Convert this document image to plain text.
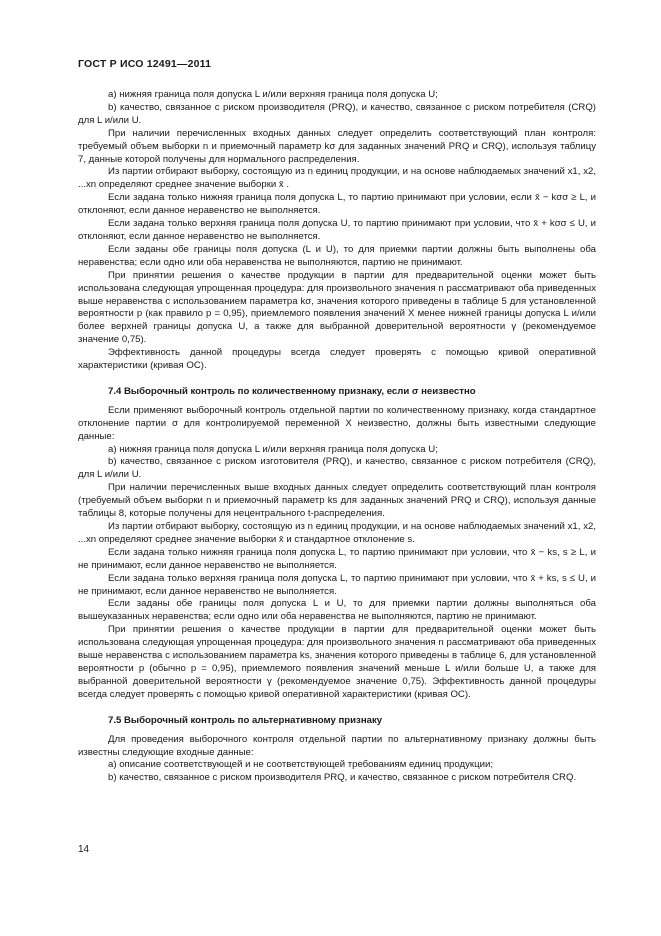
ГОСТ Р ИСО 12491—2011

a) нижняя граница поля допуска L и/или верхняя граница поля допуска U;

b) качество, связанное с риском производителя (PRQ), и качество, связанное с риском потребителя (CRQ) для L и/или U.

При наличии перечисленных входных данных следует определить соответствующий план контроля: требуемый объем выборки n и приемочный параметр kσ для заданных значений PRQ и CRQ), используя таблицу 7, данные которой получены для нормального распределения.

Из партии отбирают выборку, состоящую из n единиц продукции, и на основе наблюдаемых значений x1, x2, ...xn определяют среднее значение выборки x̄ .

Если задана только нижняя граница поля допуска L, то партию принимают при условии, если x̄ − kσσ ≥ L, и отклоняют, если данное неравенство не выполняется.

Если задана только верхняя граница поля допуска U, то партию принимают при условии, что x̄ + kσσ ≤ U, и отклоняют, если данное неравенство не выполняется.

Если заданы обе границы поля допуска (L и U), то для приемки партии должны быть выполнены оба неравенства; если одно или оба неравенства не выполняются, партию не принимают.

При принятии решения о качестве продукции в партии для предварительной оценки может быть использована следующая упрощенная процедура: для произвольного значения n рассматривают оба приведенных выше неравенства с использованием параметра kσ, значения которого приведены в таблице 5 для установленной вероятности p (как правило p = 0,95), приемлемого появления значений X менее нижней границы допуска L и/или более верхней границы допуска U, а также для выбранной доверительной вероятности γ (рекомендуемое значение 0,75).

Эффективность данной процедуры всегда следует проверять с помощью кривой оперативной характеристики (кривая OC).

7.4 Выборочный контроль по количественному признаку, если σ неизвестно

Если применяют выборочный контроль отдельной партии по количественному признаку, когда стандартное отклонение партии σ для контролируемой переменной X неизвестно, должны быть известными следующие данные:

a) нижняя граница поля допуска L и/или верхняя граница поля допуска U;

b) качество, связанное с риском изготовителя (PRQ), и качество, связанное с риском потребителя (CRQ), для L и/или U.

При наличии перечисленных выше входных данных следует определить соответствующий план контроля (требуемый объем выборки n и приемочный параметр ks для заданных значений PRQ и CRQ), используя данные таблицы 8, которые получены для нецентрального t-распределения.

Из партии отбирают выборку, состоящую из n единиц продукции, и на основе наблюдаемых значений x1, x2, ...xn определяют среднее значение выборки x̄ и стандартное отклонение s.

Если задана только нижняя граница поля допуска L, то партию принимают при условии, что x̄ − ks, s ≥ L, и не принимают, если данное неравенство не выполняется.

Если задана только верхняя граница поля допуска L, то партию принимают при условии, что x̄ + ks, s ≤ U, и не принимают, если данное неравенство не выполняется.

Если заданы обе границы поля допуска L и U, то для приемки партии должны выполняться оба вышеуказанных неравенства; если одно или оба неравенства не выполняются, партию не принимают.

При принятии решения о качестве продукции в партии для предварительной оценки может быть использована следующая упрощенная процедура: для произвольного значения n рассматривают оба приведенных выше неравенства с использованием параметра ks, значения которого приведены в таблице 6, для установленной вероятности p (обычно p = 0,95), приемлемого появления значений меньше L и/или больше U, а также для выбранной доверительной вероятности γ (рекомендуемое значение 0,75). Эффективность данной процедуры всегда следует проверять с помощью кривой оперативной характеристики (кривая OC).

7.5 Выборочный контроль по альтернативному признаку

Для проведения выборочного контроля отдельной партии по альтернативному признаку должны быть известны следующие входные данные:

a) описание соответствующей и не соответствующей требованиям единиц продукции;

b) качество, связанное с риском производителя PRQ, и качество, связанное с риском потребителя CRQ.

14
